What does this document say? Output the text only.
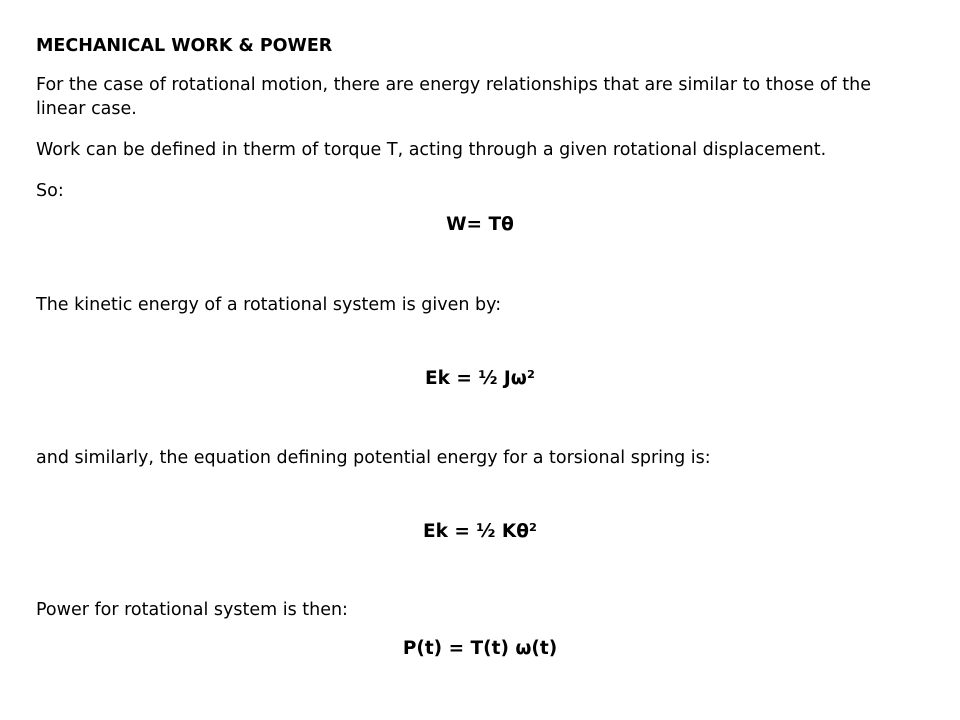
MECHANICAL WORK & POWER
For the case of rotational motion, there are energy relationships that are similar to those of the linear case.
Work can be defined in therm of torque T, acting through a given rotational displacement.
So:
W= Tθ
The kinetic energy of a rotational system is given by:
Ek = ½ Jω²
and similarly, the equation defining potential energy for a torsional spring is:
Ek = ½ Kθ²
Power for rotational system is then:
P(t) = T(t) ω(t)
